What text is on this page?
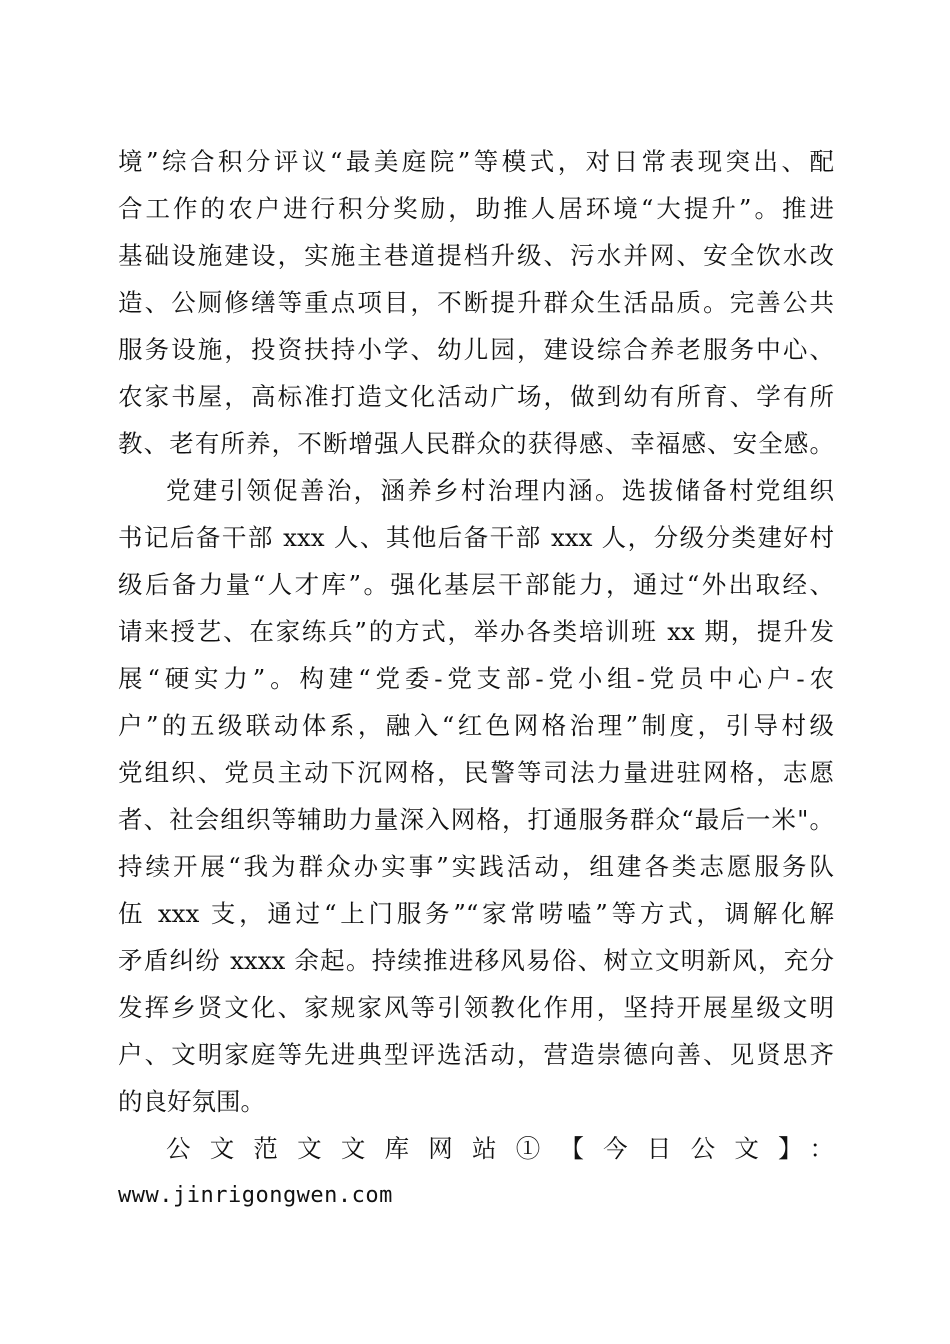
境”综合积分评议“最美庭院”等模式，对日常表现突出、配
合工作的农户进行积分奖励，助推人居环境“大提升”。推进
基础设施建设，实施主巷道提档升级、污水并网、安全饮水改
造、公厕修缮等重点项目，不断提升群众生活品质。完善公共
服务设施，投资扶持小学、幼儿园，建设综合养老服务中心、
农家书屋，高标准打造文化活动广场，做到幼有所育、学有所
教、老有所养，不断增强人民群众的获得感、幸福感、安全感。
党建引领促善治，涵养乡村治理内涵。选拔储备村党组织
书记后备干部 xxx 人、其他后备干部 xxx 人，分级分类建好村
级后备力量“人才库”。强化基层干部能力，通过“外出取经、
请来授艺、在家练兵”的方式，举办各类培训班 xx 期，提升发
展“硬实力”。构建“党委-党支部-党小组-党员中心户-农
户”的五级联动体系，融入“红色网格治理”制度，引导村级
党组织、党员主动下沉网格，民警等司法力量进驻网格，志愿
者、社会组织等辅助力量深入网格，打通服务群众“最后一米"。
持续开展“我为群众办实事”实践活动，组建各类志愿服务队
伍 xxx 支，通过“上门服务”“家常唠嗑”等方式，调解化解
矛盾纠纷 xxxx 余起。持续推进移风易俗、树立文明新风，充分
发挥乡贤文化、家规家风等引领教化作用，坚持开展星级文明
户、文明家庭等先进典型评选活动，营造崇德向善、见贤思齐
的良好氛围。
公文范文文库网站①【今日公文】：
www.jinrigongwen.com
